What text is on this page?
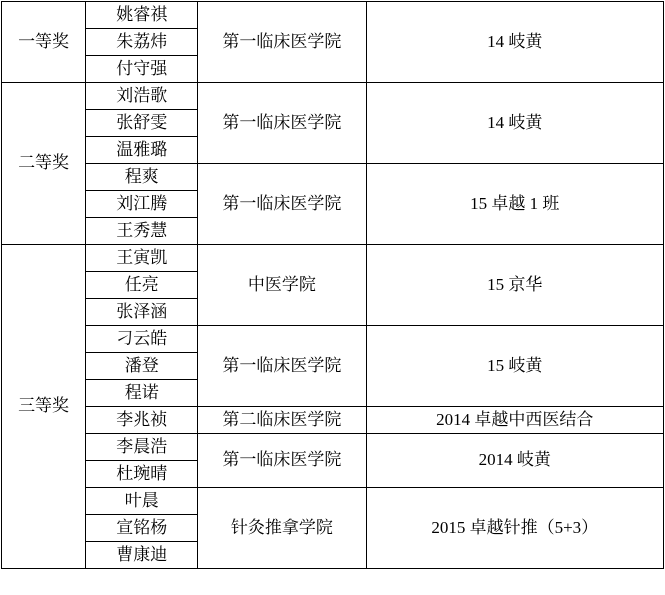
一等奖	姚睿祺	第一临床医学院	14 岐黄
	朱荔炜		
	付守强		
二等奖	刘浩歌	第一临床医学院	14 岐黄
	张舒雯		
	温雅璐		
	程爽	第一临床医学院	15 卓越 1 班
	刘江腾		
	王秀慧		
三等奖	王寅凯	中医学院	15 京华
	任亮		
	张泽涵		
	刁云皓	第一临床医学院	15 岐黄
	潘登		
	程诺		
	李兆祯	第二临床医学院	2014 卓越中西医结合
	李晨浩	第一临床医学院	2014 岐黄
	杜琬晴		
	叶晨	针灸推拿学院	2015 卓越针推（5+3）
	宣铭杨		
	曹康迪		
